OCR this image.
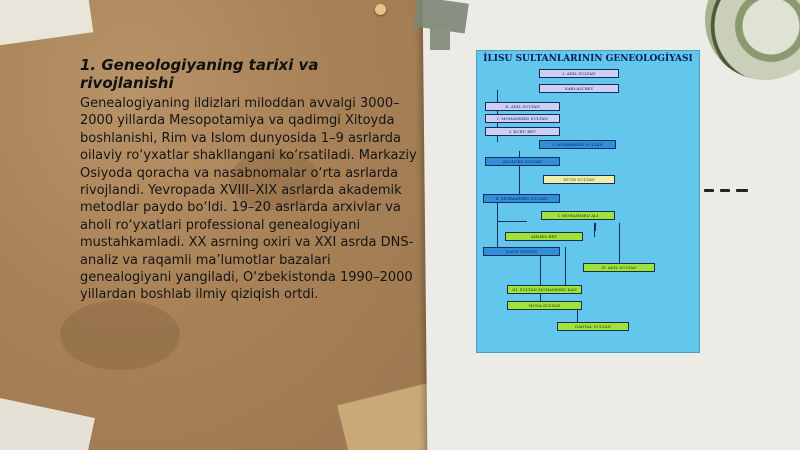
1. Geneologiyaning tarixi va rivojlanishi

Genealogiyaning ildizlari miloddan avvalgi 3000–2000 yillarda Mesopotamiya va qadimgi Xitoyda boshlanishi, Rim va Islom dunyosida 1–9 asrlarda oilaviy ro‘yxatlar shakllangani ko‘rsatiladi. Markaziy Osiyoda qoracha va nasabnomalar o‘rta asrlarda rivojlandi. Yevropada XVIII–XIX asrlarda akademik metodlar paydo bo‘ldi. 19–20 asrlarda arxivlar va aholi ro‘yxatlari professional genealogiyani mustahkamladi. XX asrning oxiri va XXI asrda DNS-analiz va raqamli ma’lumotlar bazalari genealogiyani yangiladi, O‘zbekistonda 1990–2000 yillardan boshlab ilmiy qiziqish ortdi.

İLISU SULTANLARININ GENEOLOGİYASI
I. ADIL SULTAN
SARI-ALİ BEY
II. ADIL SULTAN
I. MOHAMMED SULTAN
I. KURU BEY
I. MOHAMMED SULTAN
ALI KURU SULTAN
NUVE SULTAN
II. MOHAMMED SULTAN
I. MOHAMMED ALI
AHMED BEY
DAUD SULTAN
IV. ADIL SULTAN
III. SULTAN MOHAMMED KAN
MUSA SULTAN
DANYAL SULTAN
